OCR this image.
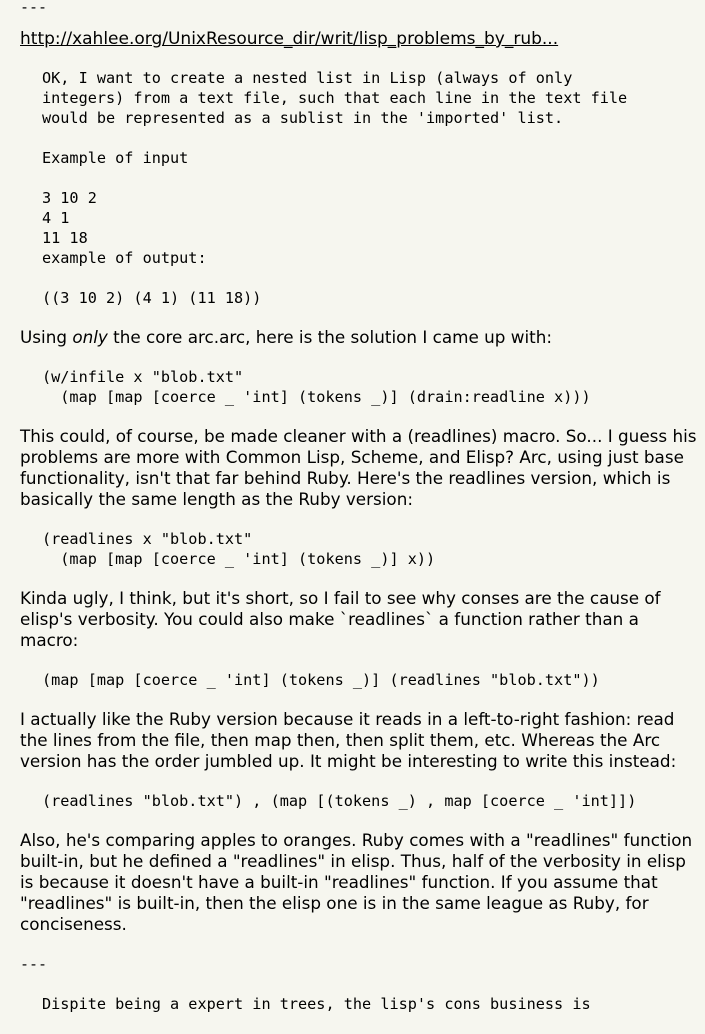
---
http://xahlee.org/UnixResource_dir/writ/lisp_problems_by_rub...
OK, I want to create a nested list in Lisp (always of only
integers) from a text file, such that each line in the text file
would be represented as a sublist in the 'imported' list.
Example of input
3 10 2
4 1
11 18
example of output:
((3 10 2) (4 1) (11 18))

Using only the core arc.arc, here is the solution I came up with:

(w/infile x "blob.txt"
(map [map [coerce _ 'int] (tokens _)] (drain:readline x)))

This could, of course, be made cleaner with a (readlines) macro. So... I guess his problems are more with Common Lisp, Scheme, and Elisp? Arc, using just base functionality, isn't that far behind Ruby. Here's the readlines version, which is basically the same length as the Ruby version:

(readlines x "blob.txt"
(map [map [coerce _ 'int] (tokens _)] x))

Kinda ugly, I think, but it's short, so I fail to see why conses are the cause of elisp's verbosity. You could also make `readlines` a function rather than a macro:

(map [map [coerce _ 'int] (tokens _)] (readlines "blob.txt"))

I actually like the Ruby version because it reads in a left-to-right fashion: read the lines from the file, then map then, then split them, etc. Whereas the Arc version has the order jumbled up. It might be interesting to write this instead:

(readlines "blob.txt") , (map [(tokens _) , map [coerce _ 'int]])

Also, he's comparing apples to oranges. Ruby comes with a "readlines" function built-in, but he defined a "readlines" in elisp. Thus, half of the verbosity in elisp is because it doesn't have a built-in "readlines" function. If you assume that "readlines" is built-in, then the elisp one is in the same league as Ruby, for conciseness.

---
Dispite being a expert in trees, the lisp's cons business is
